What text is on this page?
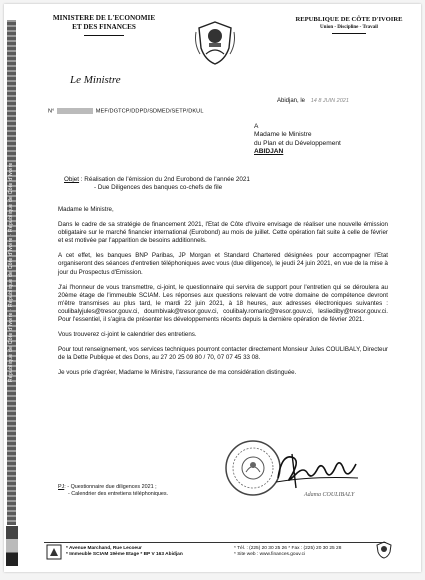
République de Côte d'Ivoire · République de Côte d'Ivoire · République de Côte d'Ivoire
MINISTERE DE L'ECONOMIE
ET DES FINANCES
REPUBLIQUE DE CÔTE D'IVOIRE
Union - Discipline - Travail
Le Ministre
N°	MEF/DGTCP/DDPD/SDMED/SETP/DKUL
Abidjan, le 14 8 JUIN 2021
A
Madame le Ministre
du Plan et du Développement
ABIDJAN
Objet : Réalisation de l'émission du 2nd Eurobond de l'année 2021
- Due Diligences des banques co-chefs de file

Madame le Ministre,

Dans le cadre de sa stratégie de financement 2021, l'Etat de Côte d'Ivoire envisage de réaliser une nouvelle émission obligataire sur le marché financier international (Eurobond) au mois de juillet. Cette opération fait suite à celle de février et est motivée par l'apparition de besoins additionnels.

A cet effet, les banques BNP Paribas, JP Morgan et Standard Chartered désignées pour accompagner l'Etat organiseront des séances d'entretien téléphoniques avec vous (due diligence), le jeudi 24 juin 2021, en vue de la mise à jour du Prospectus d'Emission.

J'ai l'honneur de vous transmettre, ci-joint, le questionnaire qui servira de support pour l'entretien qui se déroulera au 20ème étage de l'immeuble SCIAM. Les réponses aux questions relevant de votre domaine de compétence devront m'être transmises au plus tard, le mardi 22 juin 2021, à 18 heures, aux adresses électroniques suivantes : coulibalyjules@tresor.gouv.ci, doumbivak@tresor.gouv.ci, coulibaly.romaric@tresor.gouv.ci, lesliediby@tresor.gouv.ci. Pour l'essentiel, il s'agira de présenter les développements récents depuis la dernière opération de février 2021.

Vous trouverez ci-joint le calendrier des entretiens.

Pour tout renseignement, vos services techniques pourront contacter directement Monsieur Jules COULIBALY, Directeur de la Dette Publique et des Dons, au 27 20 25 09 80 / 70, 07 07 45 33 08.

Je vous prie d'agréer, Madame le Ministre, l'assurance de ma considération distinguée.

Adama COULIBALY
PJ: - Questionnaire due diligences 2021 ;
- Calendrier des entretiens téléphoniques.
* Avenue Marchand, Rue Lecoeur
* Immeuble SCIAM 19ème Etage * BP V 163 Abidjan
* Tél. : (225) 20 30 25 26 * Fax : (225) 20 30 25 28
* Site web : www.finances.gouv.ci
